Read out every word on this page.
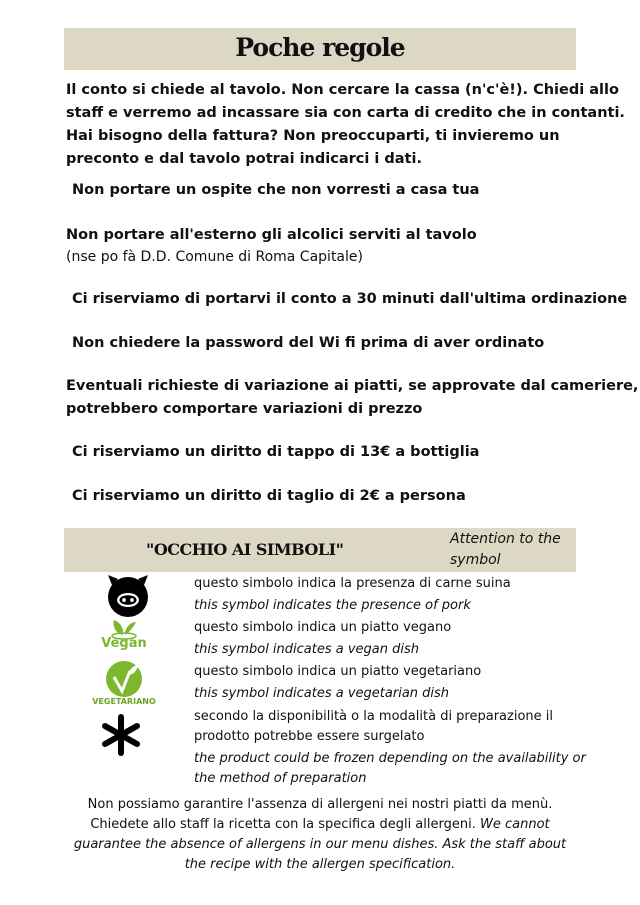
Poche regole
Il conto si chiede al tavolo. Non cercare la cassa (n'c'è!). Chiedi allo
staff e verremo ad incassare sia con carta di credito che in contanti.
Hai bisogno della fattura? Non preoccuparti, ti invieremo un
preconto e dal tavolo potrai indicarci i dati.
Non portare un ospite che non vorresti a casa tua
Non portare all'esterno gli alcolici serviti al tavolo
(nse po fà D.D. Comune di Roma Capitale)
Ci riserviamo di portarvi il conto a 30 minuti dall'ultima ordinazione
Non chiedere la password del Wi fi prima di aver ordinato
Eventuali richieste di variazione ai piatti, se approvate dal cameriere,
potrebbero comportare variazioni di prezzo
Ci riserviamo un diritto di tappo di 13€ a bottiglia
Ci riserviamo un diritto di taglio di 2€ a persona
"OCCHIO AI SIMBOLI"
Attention to the
symbol
Vegan
VEGETARIANO
questo simbolo indica la presenza di carne suina
this symbol indicates the presence of pork
questo simbolo indica un piatto vegano
this symbol indicates a vegan dish
questo simbolo indica un piatto vegetariano
this symbol indicates a vegetarian dish
secondo la disponibilità o la modalità di preparazione il
prodotto potrebbe essere surgelato
the product could be frozen depending on the availability or
the method of preparation
Non possiamo garantire l'assenza di allergeni nei nostri piatti da menù. Chiedete allo staff la ricetta con la specifica degli allergeni. We cannot guarantee the absence of allergens in our menu dishes. Ask the staff about the recipe with the allergen specification.
